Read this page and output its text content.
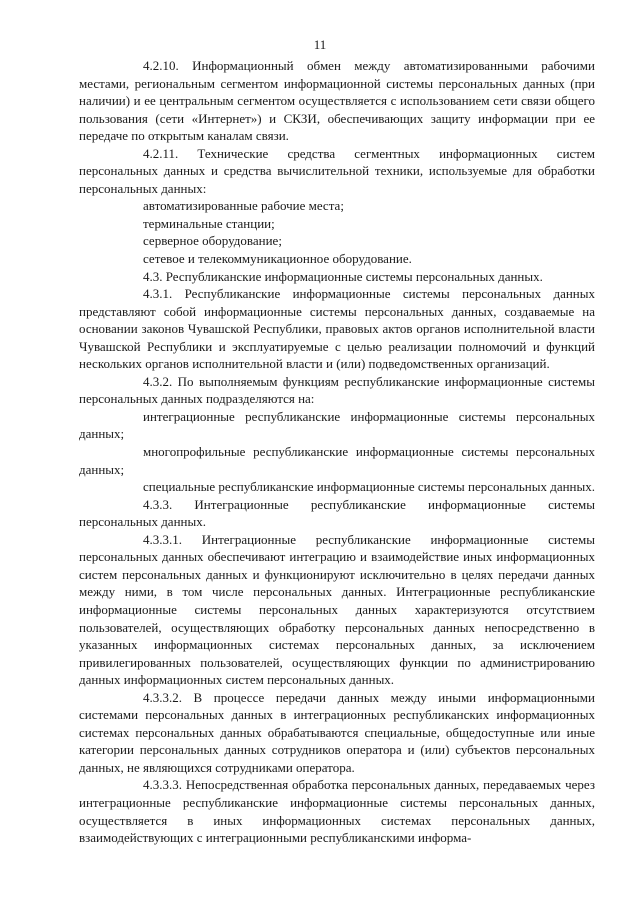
11

4.2.10. Информационный обмен между автоматизированными рабочими местами, региональным сегментом информационной системы персональных данных (при наличии) и ее центральным сегментом осуществляется с использованием сети связи общего пользования (сети «Интернет») и СКЗИ, обеспечивающих защиту информации при ее передаче по открытым каналам связи.

4.2.11. Технические средства сегментных информационных систем персональных данных и средства вычислительной техники, используемые для обработки персональных данных:

автоматизированные рабочие места;

терминальные станции;

серверное оборудование;

сетевое и телекоммуникационное оборудование.

4.3. Республиканские информационные системы персональных данных.

4.3.1. Республиканские информационные системы персональных данных представляют собой информационные системы персональных данных, создаваемые на основании законов Чувашской Республики, правовых актов органов исполнительной власти Чувашской Республики и эксплуатируемые с целью реализации полномочий и функций нескольких органов исполнительной власти и (или) подведомственных организаций.

4.3.2. По выполняемым функциям республиканские информационные системы персональных данных подразделяются на:

интеграционные республиканские информационные системы персональных данных;

многопрофильные республиканские информационные системы персональных данных;

специальные республиканские информационные системы персональных данных.

4.3.3. Интеграционные республиканские информационные системы персональных данных.

4.3.3.1. Интеграционные республиканские информационные системы персональных данных обеспечивают интеграцию и взаимодействие иных информационных систем персональных данных и функционируют исключительно в целях передачи данных между ними, в том числе персональных данных. Интеграционные республиканские информационные системы персональных данных характеризуются отсутствием пользователей, осуществляющих обработку персональных данных непосредственно в указанных информационных системах персональных данных, за исключением привилегированных пользователей, осуществляющих функции по администрированию данных информационных систем персональных данных.

4.3.3.2. В процессе передачи данных между иными информационными системами персональных данных в интеграционных республиканских информационных системах персональных данных обрабатываются специальные, общедоступные или иные категории персональных данных сотрудников оператора и (или) субъектов персональных данных, не являющихся сотрудниками оператора.

4.3.3.3. Непосредственная обработка персональных данных, передаваемых через интеграционные республиканские информационные системы персональных данных, осуществляется в иных информационных системах персональных данных, взаимодействующих с интеграционными республиканскими информа-
